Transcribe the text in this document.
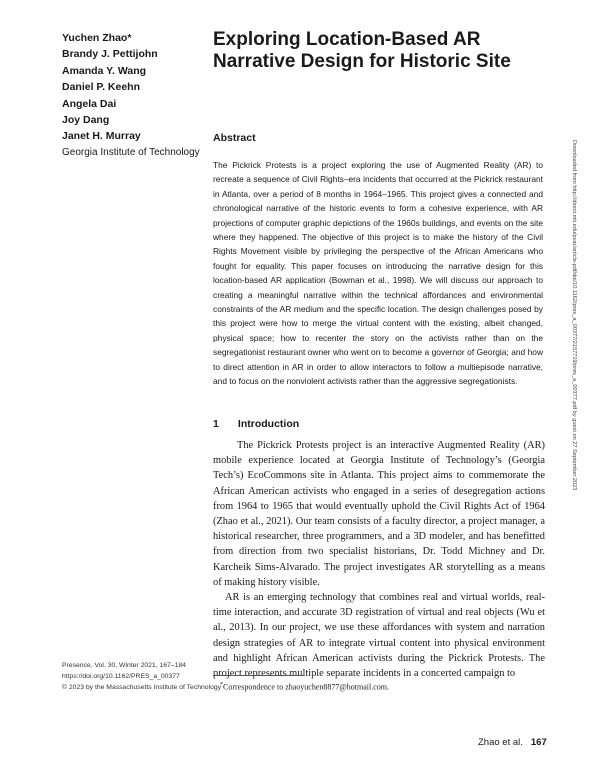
Yuchen Zhao*
Brandy J. Pettijohn
Amanda Y. Wang
Daniel P. Keehn
Angela Dai
Joy Dang
Janet H. Murray
Georgia Institute of Technology
Exploring Location-Based AR
Narrative Design for Historic Site
Abstract
The Pickrick Protests is a project exploring the use of Augmented Reality (AR) to recreate a sequence of Civil Rights–era incidents that occurred at the Pickrick restaurant in Atlanta, over a period of 8 months in 1964–1965. This project gives a connected and chronological narrative of the historic events to form a cohesive experience, with AR projections of computer graphic depictions of the 1960s buildings, and events on the site where they happened. The objective of this project is to make the history of the Civil Rights Movement visible by privileging the perspective of the African Americans who fought for equality. This paper focuses on introducing the narrative design for this location-based AR application (Bowman et al., 1998). We will discuss our approach to creating a meaningful narrative within the technical affordances and environmental constraints of the AR medium and the specific location. The design challenges posed by this project were how to merge the virtual content with the existing, albeit changed, physical space; how to recenter the story on the activists rather than on the segregationist restaurant owner who went on to become a governor of Georgia; and how to direct attention in AR in order to allow interactors to follow a multiepisode narrative, and to focus on the nonviolent activists rather than the aggressive segregationists.
1 Introduction

The Pickrick Protests project is an interactive Augmented Reality (AR) mobile experience located at Georgia Institute of Technology’s (Georgia Tech’s) EcoCommons site in Atlanta. This project aims to commemorate the African American activists who engaged in a series of desegregation actions from 1964 to 1965 that would eventually uphold the Civil Rights Act of 1964 (Zhao et al., 2021). Our team consists of a faculty director, a project manager, a historical researcher, three programmers, and a 3D modeler, and has benefitted from direction from two specialist historians, Dr. Todd Michney and Dr. Karcheik Sims-Alvarado. The project investigates AR storytelling as a means of making history visible.

AR is an emerging technology that combines real and virtual worlds, real-time interaction, and accurate 3D registration of virtual and real objects (Wu et al., 2013). In our project, we use these affordances with system and narration design strategies of AR to integrate virtual content into physical environment and highlight African American activists during the Pickrick Protests. The project represents multiple separate incidents in a concerted campaign to

*Correspondence to zhaoyuchen8877@hotmail.com.
Presence, Vol. 30, Winter 2021, 167–184
https://doi.org/10.1162/PRES_a_00377
© 2023 by the Massachusetts Institute of Technology
Zhao et al. 167
Downloaded from http://direct.mit.edu/pvar/article-pdf/doi/10.1162/pres_a_00377/2157719/pres_a_00377.pdf by guest on 27 September 2023
